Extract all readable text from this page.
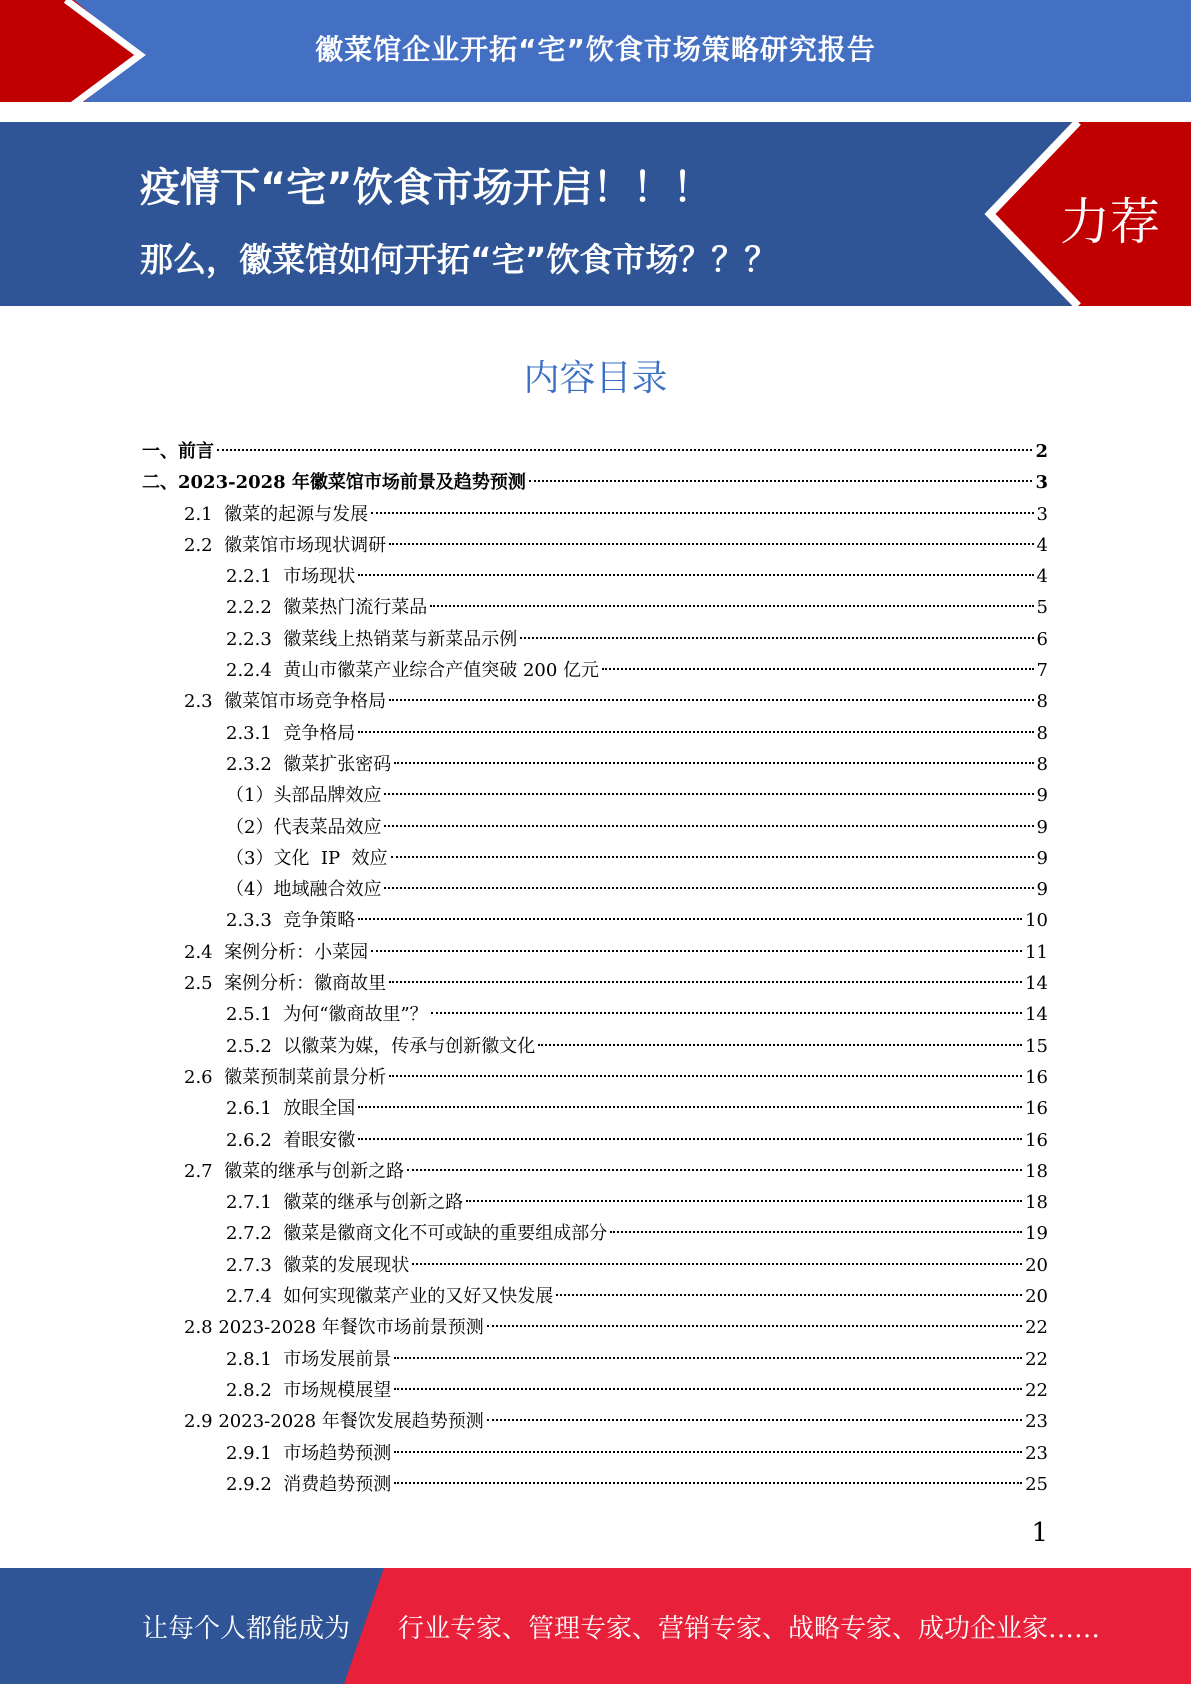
徽菜馆企业开拓“宅”饮食市场策略研究报告
疫情下“宅”饮食市场开启！！！
那么，徽菜馆如何开拓“宅”饮食市场？？？
力荐
内容目录
一、 前言	2
二、 2023-2028 年徽菜馆市场前景及趋势预测	3
2.1 徽菜的起源与发展	3
2.2 徽菜馆市场现状调研	4
2.2.1 市场现状	4
2.2.2 徽菜热门流行菜品	5
2.2.3 徽菜线上热销菜与新菜品示例	6
2.2.4 黄山市徽菜产业综合产值突破 200 亿元	7
2.3 徽菜馆市场竞争格局	8
2.3.1 竞争格局	8
2.3.2 徽菜扩张密码	8
（1） 头部品牌效应	9
（2） 代表菜品效应	9
（3） 文化  IP  效应	9
（4） 地域融合效应	9
2.3.3 竞争策略	10
2.4 案例分析：小菜园	11
2.5 案例分析：徽商故里	14
2.5.1 为何“徽商故里”？	14
2.5.2 以徽菜为媒，传承与创新徽文化	15
2.6 徽菜预制菜前景分析	16
2.6.1 放眼全国	16
2.6.2 着眼安徽	16
2.7 徽菜的继承与创新之路	18
2.7.1 徽菜的继承与创新之路	18
2.7.2 徽菜是徽商文化不可或缺的重要组成部分	19
2.7.3 徽菜的发展现状	20
2.7.4 如何实现徽菜产业的又好又快发展	20
2.8 2023-2028 年餐饮市场前景预测	22
2.8.1 市场发展前景	22
2.8.2 市场规模展望	22
2.9 2023-2028 年餐饮发展趋势预测	23
2.9.1 市场趋势预测	23
2.9.2 消费趋势预测	25
1
让每个人都能成为 行业专家、管理专家、营销专家、战略专家、成功企业家……
